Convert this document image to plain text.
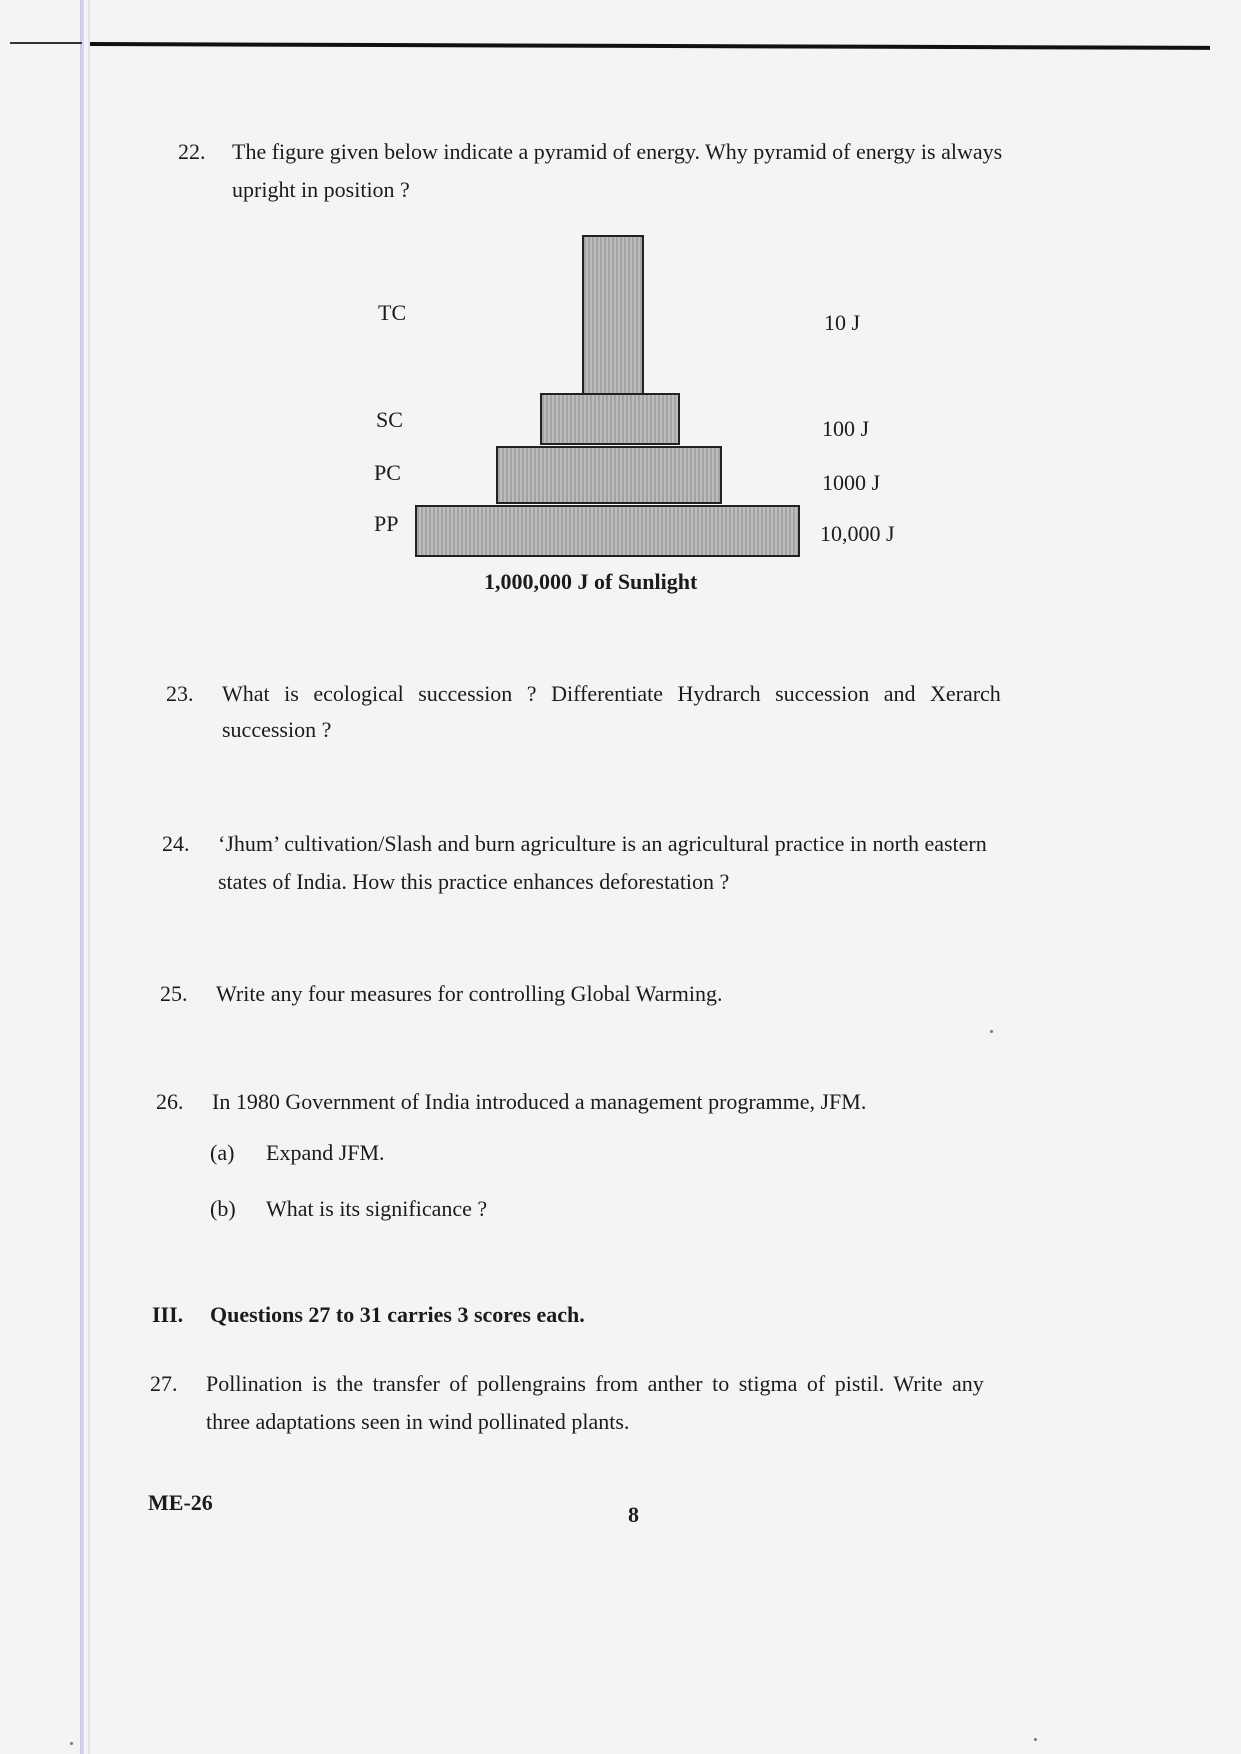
22. The figure given below indicate a pyramid of energy. Why pyramid of energy is always
upright in position ?
TC
SC
PC
PP
10 J
100 J
1000 J
10,000 J
1,000,000 J of Sunlight
23. What is ecological succession ? Differentiate Hydrarch succession and Xerarch
succession ?
24. ‘Jhum’ cultivation/Slash and burn agriculture is an agricultural practice in north eastern
states of India. How this practice enhances deforestation ?
25. Write any four measures for controlling Global Warming.
26. In 1980 Government of India introduced a management programme, JFM.
(a) Expand JFM.
(b) What is its significance ?
III. Questions 27 to 31 carries 3 scores each.
27. Pollination is the transfer of pollengrains from anther to stigma of pistil. Write any
three adaptations seen in wind pollinated plants.
ME-26	8
